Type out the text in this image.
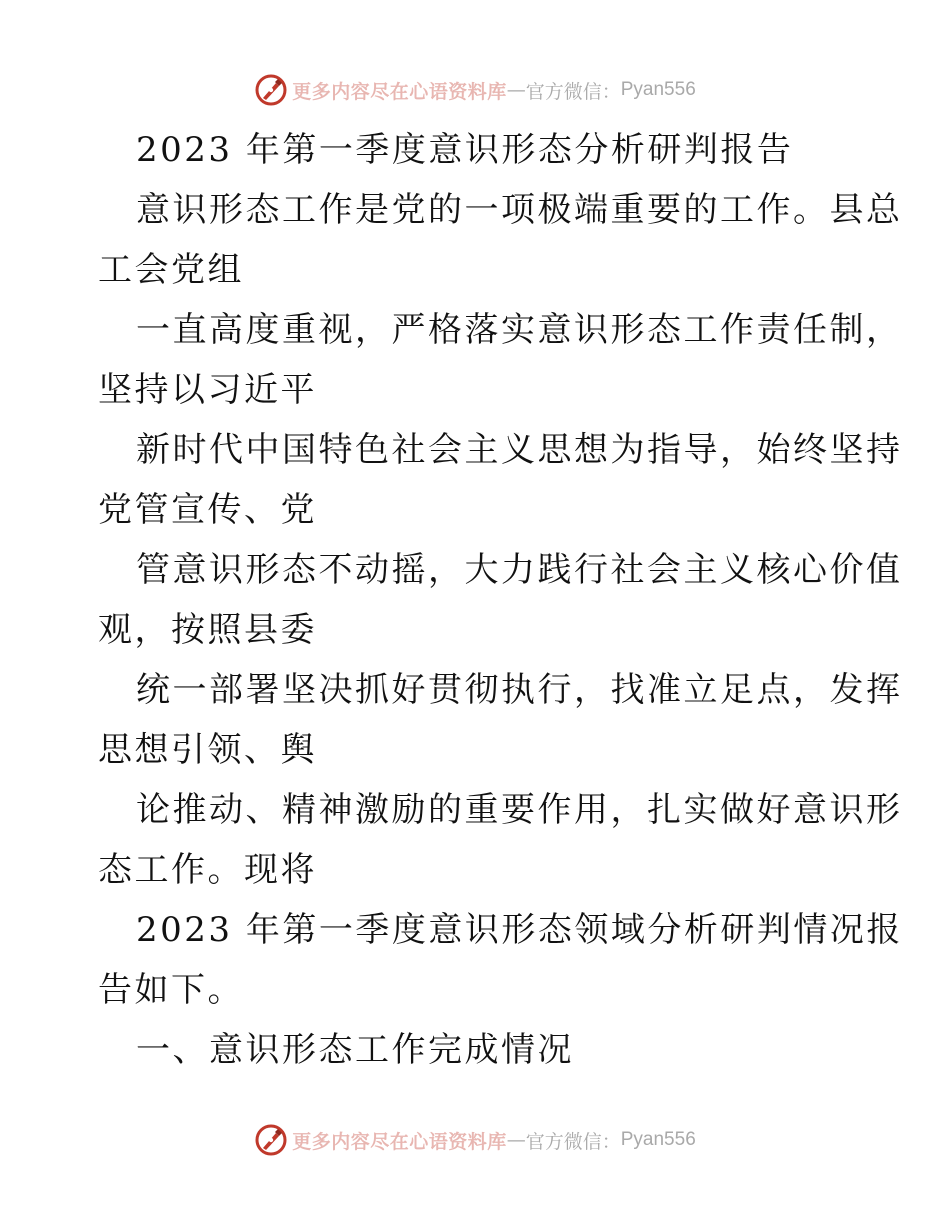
更多内容尽在心语资料库 — 官方微信： Pyan556
2023 年第一季度意识形态分析研判报告
意识形态工作是党的一项极端重要的工作。县总
工会党组
一直高度重视，严格落实意识形态工作责任制，
坚持以习近平
新时代中国特色社会主义思想为指导，始终坚持
党管宣传、党
管意识形态不动摇，大力践行社会主义核心价值
观，按照县委
统一部署坚决抓好贯彻执行，找准立足点，发挥
思想引领、舆
论推动、精神激励的重要作用，扎实做好意识形
态工作。现将
2023 年第一季度意识形态领域分析研判情况报
告如下。
一、意识形态工作完成情况
更多内容尽在心语资料库 — 官方微信： Pyan556
